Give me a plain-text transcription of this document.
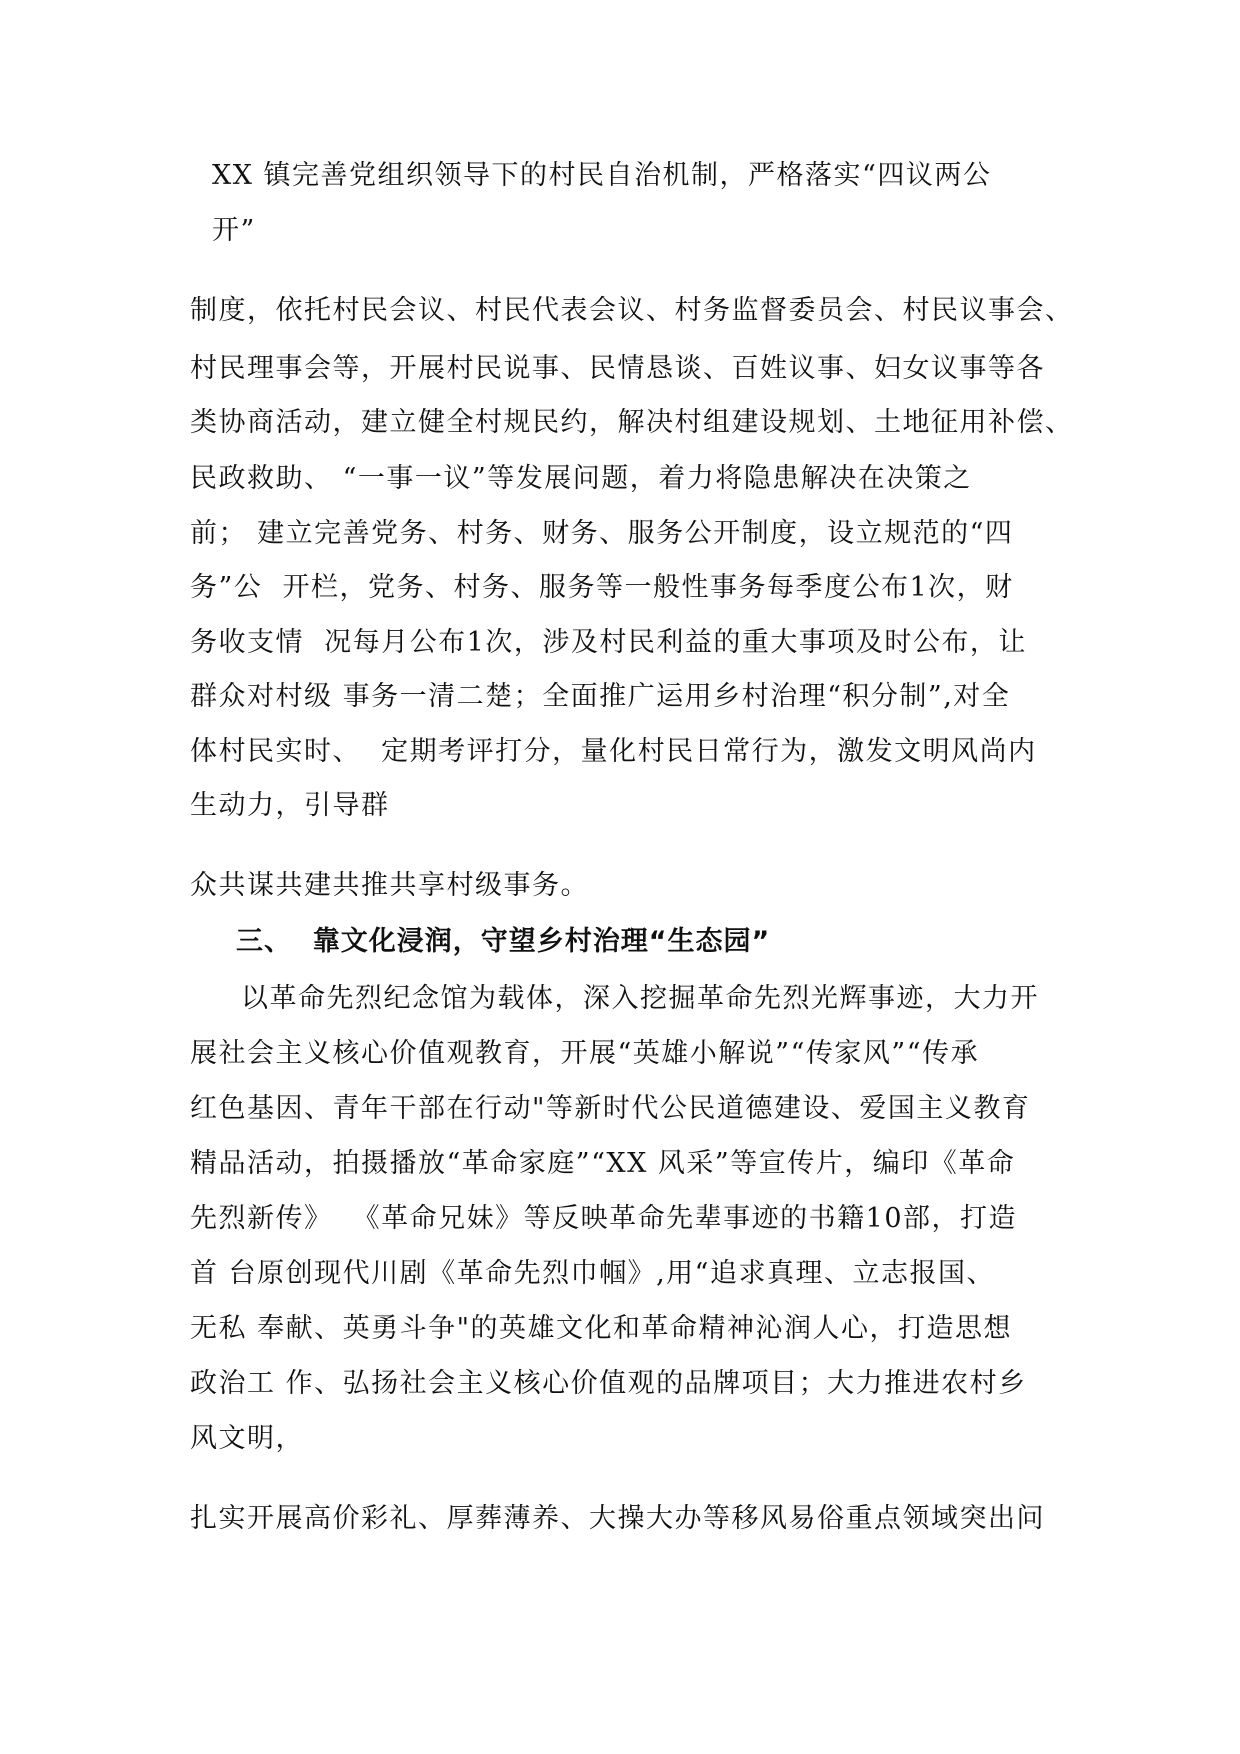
XX 镇完善党组织领导下的村民自治机制，严格落实“四议两公

开”

制度，依托村民会议、村民代表会议、村务监督委员会、村民议事会、

村民理事会等，开展村民说事、民情恳谈、百姓议事、妇女议事等各

类协商活动，建立健全村规民约，解决村组建设规划、土地征用补偿、

民政救助、 “一事一议”等发展问题，着力将隐患解决在决策之

前； 建立完善党务、村务、财务、服务公开制度，设立规范的“四

务”公  开栏，党务、村务、服务等一般性事务每季度公布1次，财

务收支情  况每月公布1次，涉及村民利益的重大事项及时公布，让

群众对村级 事务一清二楚；全面推广运用乡村治理“积分制”,对全

体村民实时、  定期考评打分，量化村民日常行为，激发文明风尚内

生动力，引导群

众共谋共建共推共享村级事务。

三、  靠文化浸润，守望乡村治理“生态园”

以革命先烈纪念馆为载体，深入挖掘革命先烈光辉事迹，大力开

展社会主义核心价值观教育，开展“英雄小解说”“传家风”“传承

红色基因、青年干部在行动"等新时代公民道德建设、爱国主义教育

精品活动，拍摄播放“革命家庭”“XX 风采”等宣传片，编印《革命

先烈新传》  《革命兄妹》等反映革命先辈事迹的书籍10部，打造

首 台原创现代川剧《革命先烈巾帼》,用“追求真理、立志报国、

无私 奉献、英勇斗争"的英雄文化和革命精神沁润人心，打造思想

政治工 作、弘扬社会主义核心价值观的品牌项目；大力推进农村乡

风文明，

扎实开展高价彩礼、厚葬薄养、大操大办等移风易俗重点领域突出问
